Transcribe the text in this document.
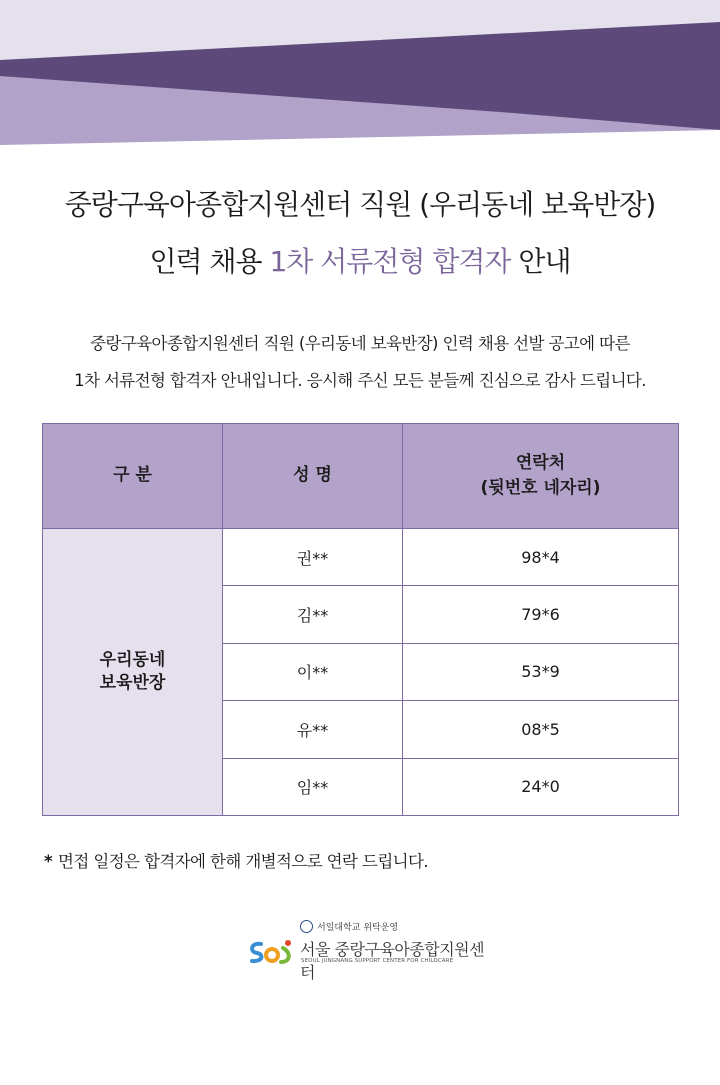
중랑구육아종합지원센터 직원 (우리동네 보육반장)
인력 채용 1차 서류전형 합격자 안내
중랑구육아종합지원센터 직원 (우리동네 보육반장) 인력 채용 선발 공고에 따른
1차 서류전형 합격자 안내입니다. 응시해 주신 모든 분들께 진심으로 감사 드립니다.
구 분	성 명	연락처
(뒷번호 네자리)

우리동네
보육반장	권**	98*4
	김**	79*6
	이**	53*9
	유**	08*5
	임**	24*0
* 면접 일정은 합격자에 한해 개별적으로 연락 드립니다.
서일대학교 위탁운영
서울 중랑구육아종합지원센터
SEOUL JUNGNANG SUPPORT CENTER FOR CHILDCARE
